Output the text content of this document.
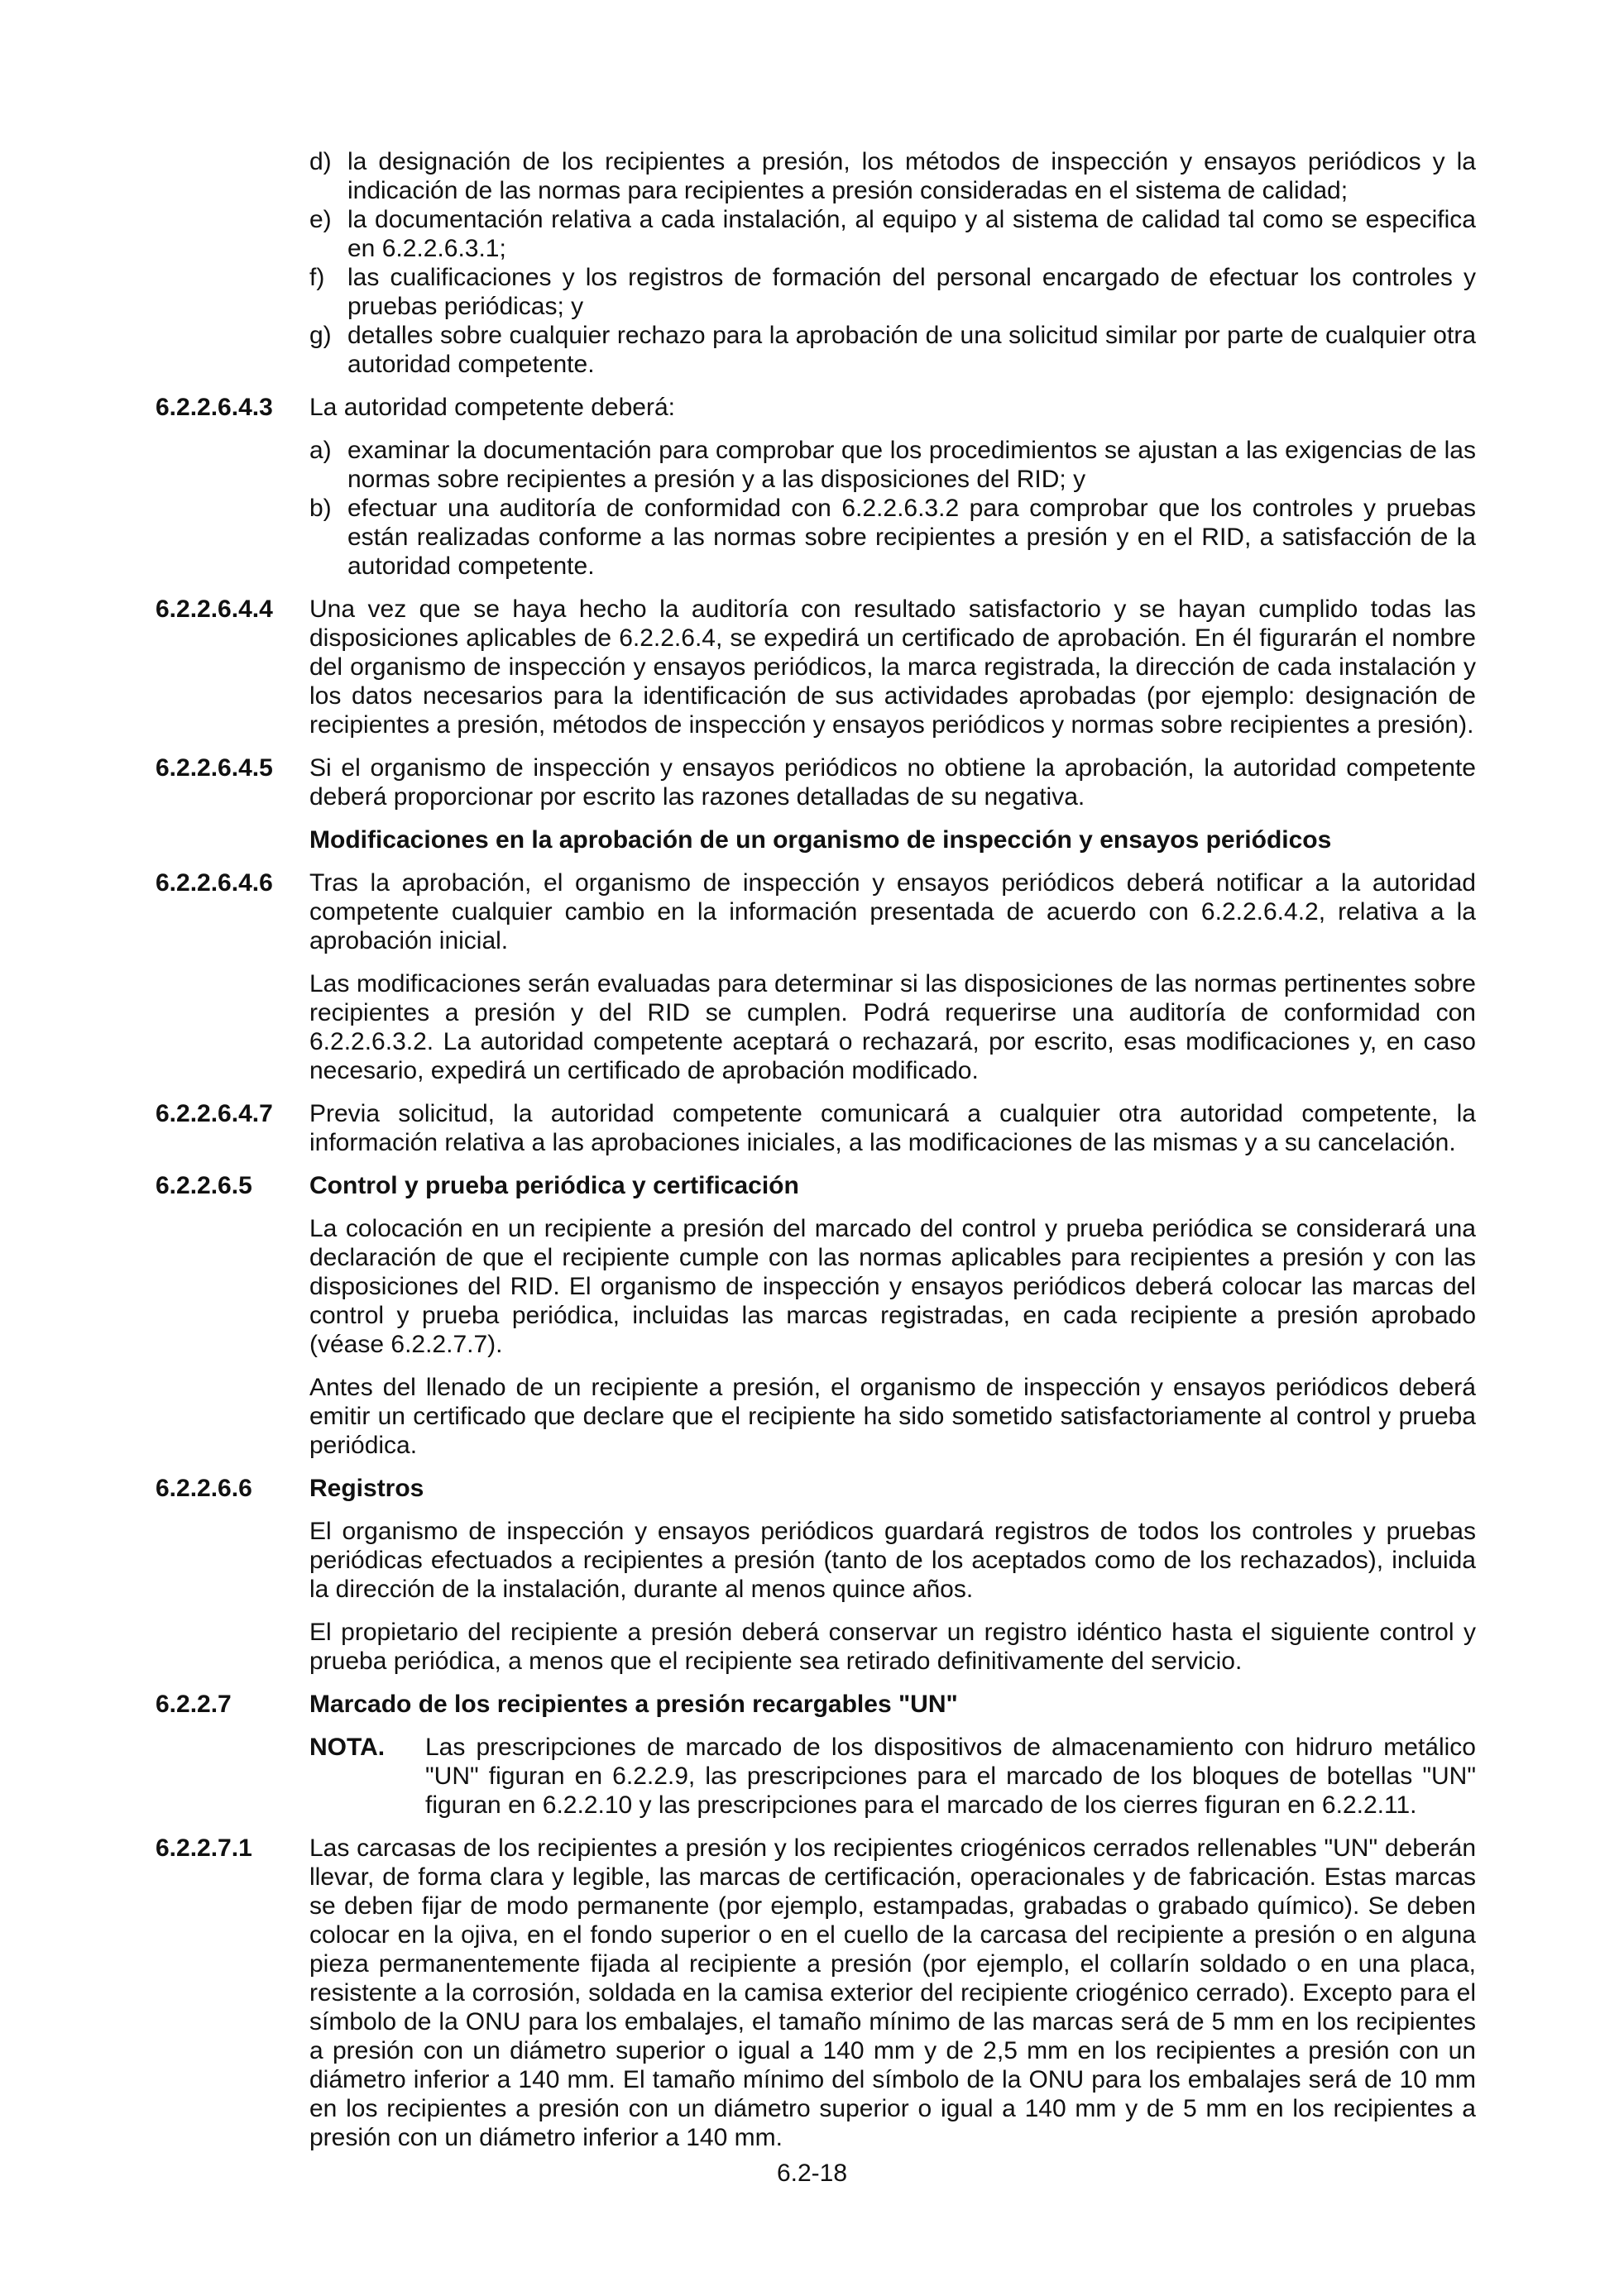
d) la designación de los recipientes a presión, los métodos de inspección y ensayos periódicos y la indicación de las normas para recipientes a presión consideradas en el sistema de calidad;
e) la documentación relativa a cada instalación, al equipo y al sistema de calidad tal como se especifica en 6.2.2.6.3.1;
f) las cualificaciones y los registros de formación del personal encargado de efectuar los controles y pruebas periódicas; y
g) detalles sobre cualquier rechazo para la aprobación de una solicitud similar por parte de cualquier otra autoridad competente.
6.2.2.6.4.3	La autoridad competente deberá:
a) examinar la documentación para comprobar que los procedimientos se ajustan a las exigencias de las normas sobre recipientes a presión y a las disposiciones del RID; y
b) efectuar una auditoría de conformidad con 6.2.2.6.3.2 para comprobar que los controles y pruebas están realizadas conforme a las normas sobre recipientes a presión y en el RID, a satisfacción de la autoridad competente.
6.2.2.6.4.4	Una vez que se haya hecho la auditoría con resultado satisfactorio y se hayan cumplido todas las disposiciones aplicables de 6.2.2.6.4, se expedirá un certificado de aprobación. En él figurarán el nombre del organismo de inspección y ensayos periódicos, la marca registrada, la dirección de cada instalación y los datos necesarios para la identificación de sus actividades aprobadas (por ejemplo: designación de recipientes a presión, métodos de inspección y ensayos periódicos y normas sobre recipientes a presión).
6.2.2.6.4.5	Si el organismo de inspección y ensayos periódicos no obtiene la aprobación, la autoridad competente deberá proporcionar por escrito las razones detalladas de su negativa.
Modificaciones en la aprobación de un organismo de inspección y ensayos periódicos
6.2.2.6.4.6	Tras la aprobación, el organismo de inspección y ensayos periódicos deberá notificar a la autoridad competente cualquier cambio en la información presentada de acuerdo con 6.2.2.6.4.2, relativa a la aprobación inicial.
Las modificaciones serán evaluadas para determinar si las disposiciones de las normas pertinentes sobre recipientes a presión y del RID se cumplen. Podrá requerirse una auditoría de conformidad con 6.2.2.6.3.2. La autoridad competente aceptará o rechazará, por escrito, esas modificaciones y, en caso necesario, expedirá un certificado de aprobación modificado.
6.2.2.6.4.7	Previa solicitud, la autoridad competente comunicará a cualquier otra autoridad competente, la información relativa a las aprobaciones iniciales, a las modificaciones de las mismas y a su cancelación.
6.2.2.6.5	Control y prueba periódica y certificación
La colocación en un recipiente a presión del marcado del control y prueba periódica se considerará una declaración de que el recipiente cumple con las normas aplicables para recipientes a presión y con las disposiciones del RID. El organismo de inspección y ensayos periódicos deberá colocar las marcas del control y prueba periódica, incluidas las marcas registradas, en cada recipiente a presión aprobado (véase 6.2.2.7.7).
Antes del llenado de un recipiente a presión, el organismo de inspección y ensayos periódicos deberá emitir un certificado que declare que el recipiente ha sido sometido satisfactoriamente al control y prueba periódica.
6.2.2.6.6	Registros
El organismo de inspección y ensayos periódicos guardará registros de todos los controles y pruebas periódicas efectuados a recipientes a presión (tanto de los aceptados como de los rechazados), incluida la dirección de la instalación, durante al menos quince años.
El propietario del recipiente a presión deberá conservar un registro idéntico hasta el siguiente control y prueba periódica, a menos que el recipiente sea retirado definitivamente del servicio.
6.2.2.7	Marcado de los recipientes a presión recargables "UN"
NOTA.	Las prescripciones de marcado de los dispositivos de almacenamiento con hidruro metálico "UN" figuran en 6.2.2.9, las prescripciones para el marcado de los bloques de botellas "UN" figuran en 6.2.2.10 y las prescripciones para el marcado de los cierres figuran en 6.2.2.11.
6.2.2.7.1	Las carcasas de los recipientes a presión y los recipientes criogénicos cerrados rellenables "UN" deberán llevar, de forma clara y legible, las marcas de certificación, operacionales y de fabricación. Estas marcas se deben fijar de modo permanente (por ejemplo, estampadas, grabadas o grabado químico). Se deben colocar en la ojiva, en el fondo superior o en el cuello de la carcasa del recipiente a presión o en alguna pieza permanentemente fijada al recipiente a presión (por ejemplo, el collarín soldado o en una placa, resistente a la corrosión, soldada en la camisa exterior del recipiente criogénico cerrado). Excepto para el símbolo de la ONU para los embalajes, el tamaño mínimo de las marcas será de 5 mm en los recipientes a presión con un diámetro superior o igual a 140 mm y de 2,5 mm en los recipientes a presión con un diámetro inferior a 140 mm. El tamaño mínimo del símbolo de la ONU para los embalajes será de 10 mm en los recipientes a presión con un diámetro superior o igual a 140 mm y de 5 mm en los recipientes a presión con un diámetro inferior a 140 mm.
6.2-18
